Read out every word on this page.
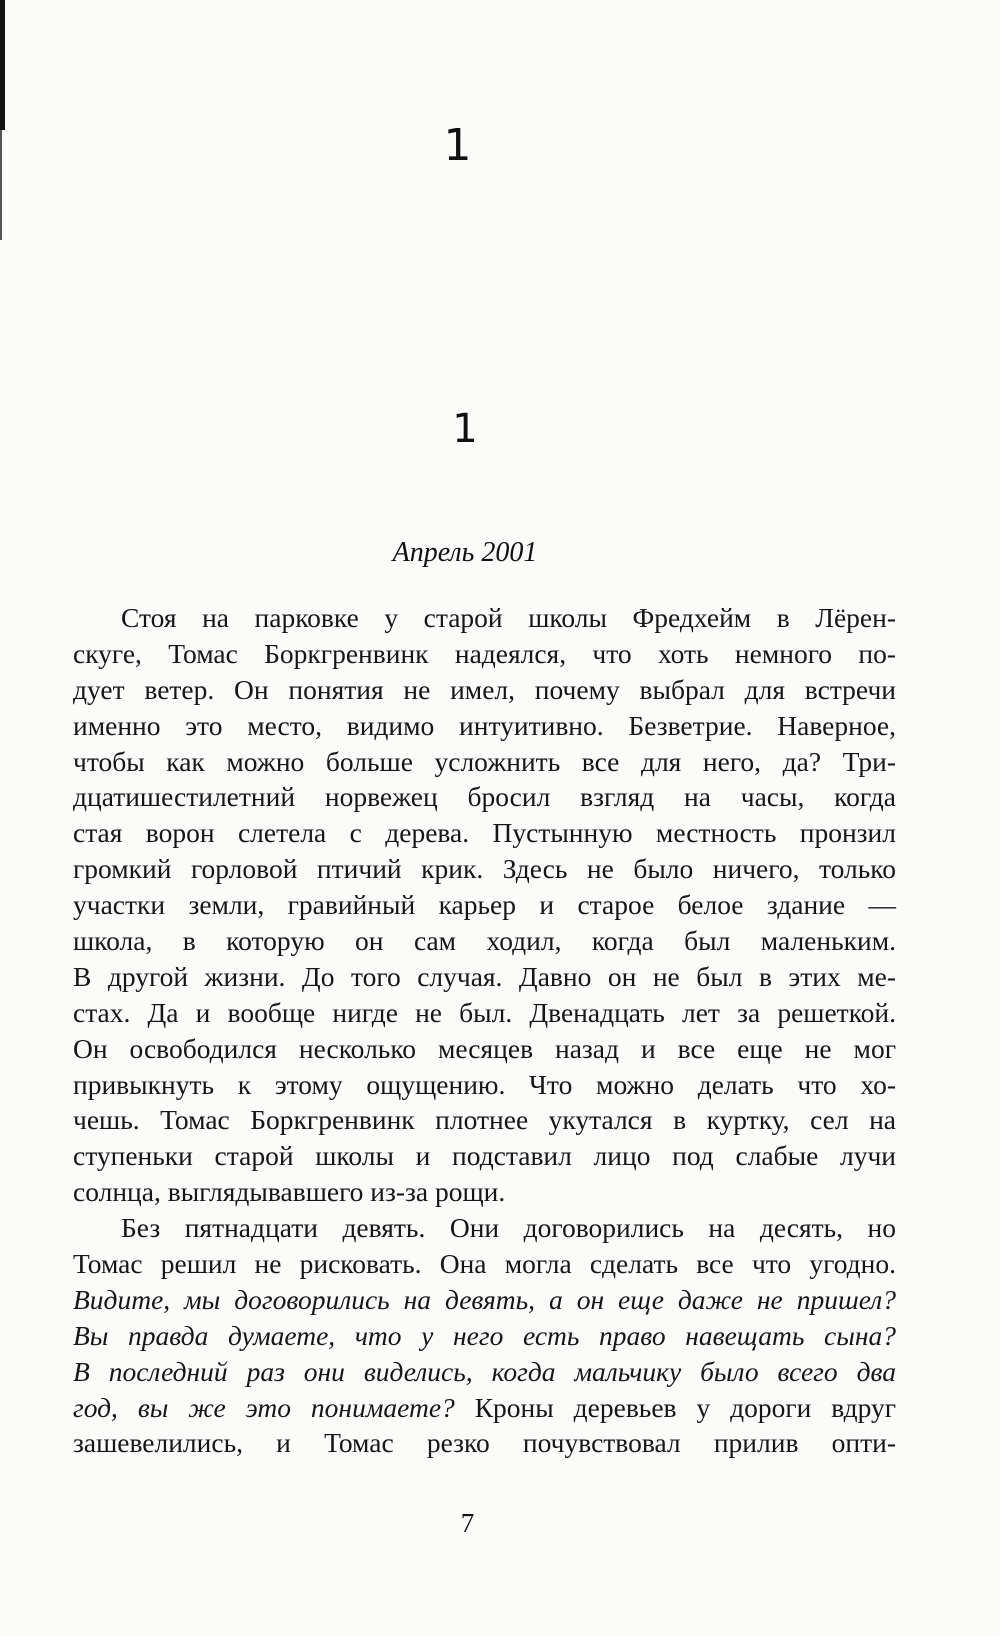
1
1
Апрель 2001
Стоя на парковке у старой школы Фредхейм в Лёрен-
скуге, Томас Боркгренвинк надеялся, что хоть немного по-
дует ветер. Он понятия не имел, почему выбрал для встречи
именно это место, видимо интуитивно. Безветрие. Наверное,
чтобы как можно больше усложнить все для него, да? Три-
дцатишестилетний норвежец бросил взгляд на часы, когда
стая ворон слетела с дерева. Пустынную местность пронзил
громкий горловой птичий крик. Здесь не было ничего, только
участки земли, гравийный карьер и старое белое здание —
школа, в которую он сам ходил, когда был маленьким.
В другой жизни. До того случая. Давно он не был в этих ме-
стах. Да и вообще нигде не был. Двенадцать лет за решеткой.
Он освободился несколько месяцев назад и все еще не мог
привыкнуть к этому ощущению. Что можно делать что хо-
чешь. Томас Боркгренвинк плотнее укутался в куртку, сел на
ступеньки старой школы и подставил лицо под слабые лучи
солнца, выглядывавшего из-за рощи.
Без пятнадцати девять. Они договорились на десять, но
Томас решил не рисковать. Она могла сделать все что угодно.
Видите, мы договорились на девять, а он еще даже не пришел?
Вы правда думаете, что у него есть право навещать сына?
В последний раз они виделись, когда мальчику было всего два
год, вы же это понимаете? Кроны деревьев у дороги вдруг
зашевелились, и Томас резко почувствовал прилив опти-
7
